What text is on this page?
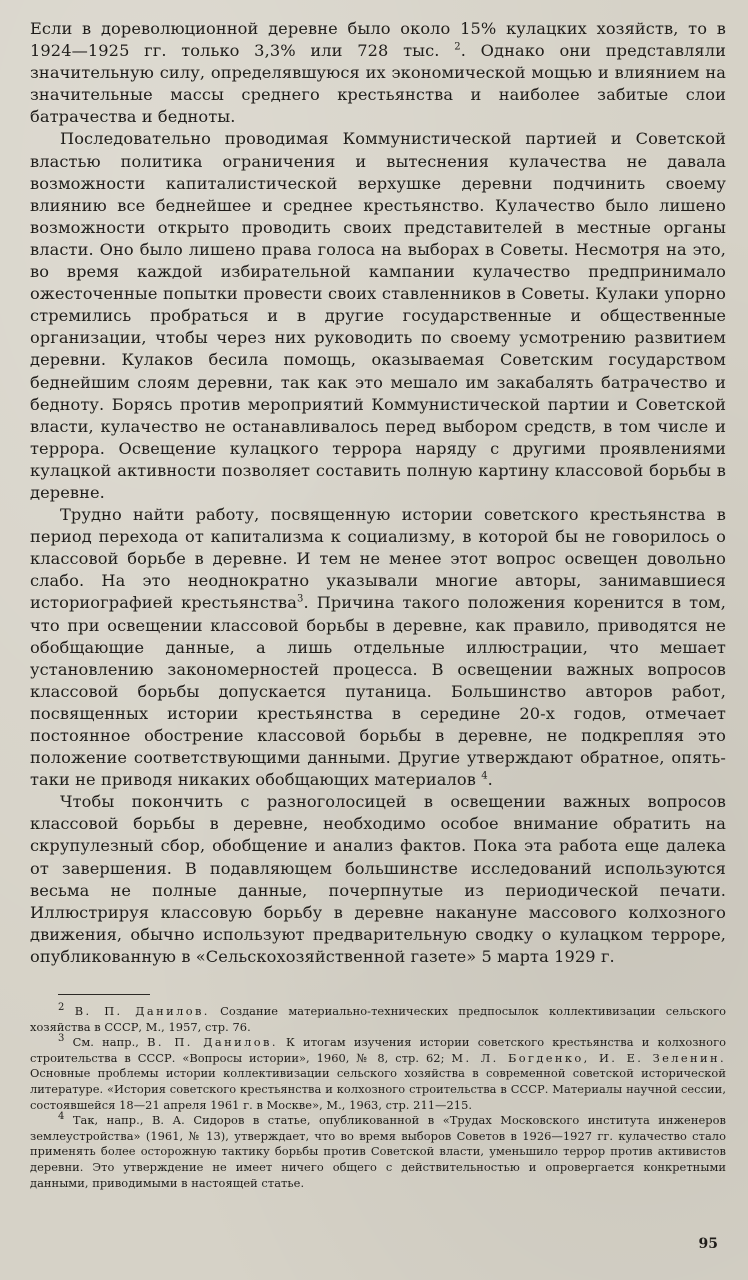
Если в дореволюционной деревне было около 15% кулацких хозяйств, то в 1924—1925 гг. только 3,3% или 728 тыс. $^2$. Однако они представляли значительную силу, определявшуюся их экономической мощью и влиянием на значительные массы среднего крестьянства и наиболее забитые слои батрачества и бедноты.

Последовательно проводимая Коммунистической партией и Советской властью политика ограничения и вытеснения кулачества не давала возможности капиталистической верхушке деревни подчинить своему влиянию все беднейшее и среднее крестьянство. Кулачество было лишено возможности открыто проводить своих представителей в местные органы власти. Оно было лишено права голоса на выборах в Советы. Несмотря на это, во время каждой избирательной кампании кулачество предпринимало ожесточенные попытки провести своих ставленников в Советы. Кулаки упорно стремились пробраться и в другие государственные и общественные организации, чтобы через них руководить по своему усмотрению развитием деревни. Кулаков бесила помощь, оказываемая Советским государством беднейшим слоям деревни, так как это мешало им закабалять батрачество и бедноту. Борясь против мероприятий Коммунистической партии и Советской власти, кулачество не останавливалось перед выбором средств, в том числе и террора. Освещение кулацкого террора наряду с другими проявлениями кулацкой активности позволяет составить полную картину классовой борьбы в деревне.

Трудно найти работу, посвященную истории советского крестьянства в период перехода от капитализма к социализму, в которой бы не говорилось о классовой борьбе в деревне. И тем не менее этот вопрос освещен довольно слабо. На это неоднократно указывали многие авторы, занимавшиеся историографией крестьянства$^3$. Причина такого положения коренится в том, что при освещении классовой борьбы в деревне, как правило, приводятся не обобщающие данные, а лишь отдельные иллюстрации, что мешает установлению закономерностей процесса. В освещении важных вопросов классовой борьбы допускается путаница. Большинство авторов работ, посвященных истории крестьянства в середине 20-х годов, отмечает постоянное обострение классовой борьбы в деревне, не подкрепляя это положение соответствующими данными. Другие утверждают обратное, опять-таки не приводя никаких обобщающих материалов $^4$.

Чтобы покончить с разноголосицей в освещении важных вопросов классовой борьбы в деревне, необходимо особое внимание обратить на скрупулезный сбор, обобщение и анализ фактов. Пока эта работа еще далека от завершения. В подавляющем большинстве исследований используются весьма не полные данные, почерпнутые из периодической печати. Иллюстрируя классовую борьбу в деревне накануне массового колхозного движения, обычно используют предварительную сводку о кулацком терроре, опубликованную в «Сельскохозяйственной газете» 5 марта 1929 г.

$^2$ В. П. Данилов. Создание материально-технических предпосылок коллективизации сельского хозяйства в СССР, М., 1957, стр. 76.

$^3$ См. напр., В. П. Данилов. К итогам изучения истории советского крестьянства и колхозного строительства в СССР. «Вопросы истории», 1960, № 8, стр. 62; М. Л. Богденко, И. Е. Зеленин. Основные проблемы истории коллективизации сельского хозяйства в современной советской исторической литературе. «История советского крестьянства и колхозного строительства в СССР. Материалы научной сессии, состоявшейся 18—21 апреля 1961 г. в Москве», М., 1963, стр. 211—215.

$^4$ Так, напр., В. А. Сидоров в статье, опубликованной в «Трудах Московского института инженеров землеустройства» (1961, № 13), утверждает, что во время выборов Советов в 1926—1927 гг. кулачество стало применять более осторожную тактику борьбы против Советской власти, уменьшило террор против активистов деревни. Это утверждение не имеет ничего общего с действительностью и опровергается конкретными данными, приводимыми в настоящей статье.

95
